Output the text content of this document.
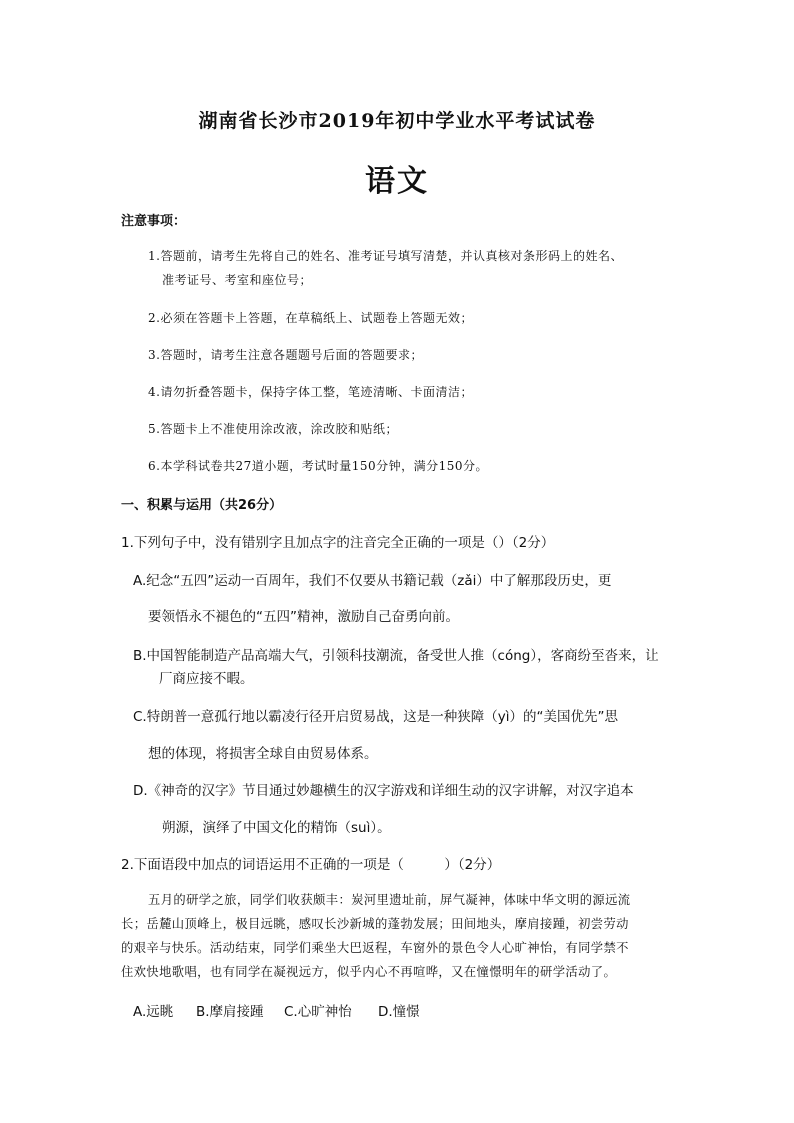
湖南省长沙市2019年初中学业水平考试试卷
语文
注意事项：
1.答题前，请考生先将自己的姓名、准考证号填写清楚，并认真核对条形码上的姓名、
准考证号、考室和座位号；
2.必须在答题卡上答题，在草稿纸上、试题卷上答题无效；
3.答题时，请考生注意各题题号后面的答题要求；
4.请勿折叠答题卡，保持字体工整，笔迹清晰、卡面清洁；
5.答题卡上不准使用涂改液，涂改胶和贴纸；
6.本学科试卷共27道小题，考试时量150分钟，满分150分。
一、积累与运用（共26分）
1.下列句子中，没有错别字且加点字的注音完全正确的一项是（）（2分）
A.纪念“五四”运动一百周年，我们不仅要从书籍记载（zǎi）中了解那段历史，更
要领悟永不褪色的“五四”精神，激励自己奋勇向前。
B.中国智能制造产品高端大气，引领科技潮流，备受世人推（cóng），客商纷至沓来，让
厂商应接不暇。
C.特朗普一意孤行地以霸凌行径开启贸易战，这是一种狭障（yì）的“美国优先”思
想的体现，将损害全球自由贸易体系。
D.《神奇的汉字》节目通过妙趣横生的汉字游戏和详细生动的汉字讲解，对汉字追本
朔源，演绎了中国文化的精饰（suì）。
2.下面语段中加点的词语运用不正确的一项是（　　　）（2分）
五月的研学之旅，同学们收获颇丰：炭河里遗址前，屏气凝神，体味中华文明的源远流
长；岳麓山顶峰上，极目远眺，感叹长沙新城的蓬勃发展；田间地头，摩肩接踵，初尝劳动
的艰辛与快乐。活动结束，同学们乘坐大巴返程，车窗外的景色令人心旷神怡，有同学禁不
住欢快地歌唱，也有同学在凝视远方，似乎内心不再喧哗，又在憧憬明年的研学活动了。
A.远眺 B.摩肩接踵 C.心旷神怡 D.憧憬
